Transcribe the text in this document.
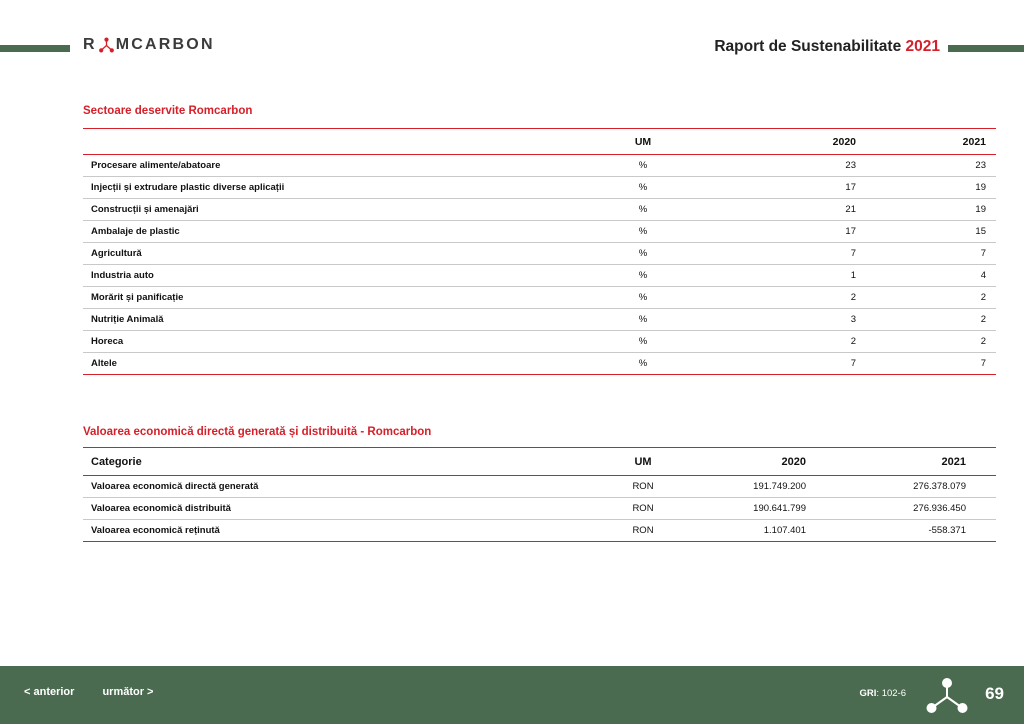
R MCARBON	Raport de Sustenabilitate 2021
Sectoare deservite Romcarbon
	UM	2020	2021
Procesare alimente/abatoare	%	23	23
Injecții și extrudare plastic diverse aplicații	%	17	19
Construcții și amenajări	%	21	19
Ambalaje de plastic	%	17	15
Agricultură	%	7	7
Industria auto	%	1	4
Morărit și panificație	%	2	2
Nutriție Animală	%	3	2
Horeca	%	2	2
Altele	%	7	7
Valoarea economică directă generată și distribuită - Romcarbon
Categorie	UM	2020	2021
Valoarea economică directă generată	RON	191.749.200	276.378.079
Valoarea economică distribuită	RON	190.641.799	276.936.450
Valoarea economică reținută	RON	1.107.401	-558.371
< anterior	următor >	GRI: 102-6	69
